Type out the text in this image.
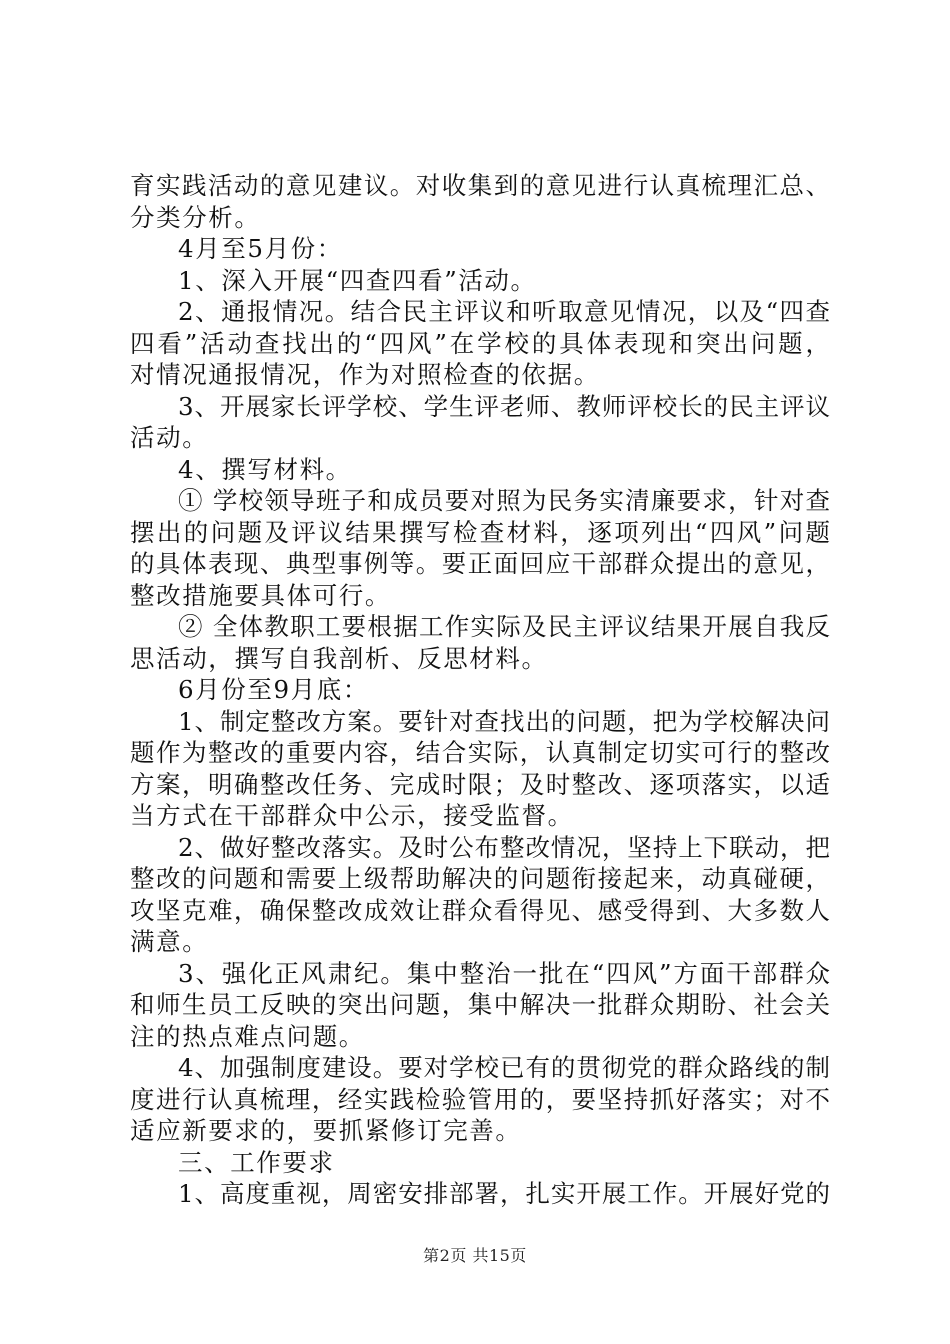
育实践活动的意见建议。对收集到的意见进行认真梳理汇总、
分类分析。
4月至5月份：
1、深入开展“四查四看”活动。
2、通报情况。结合民主评议和听取意见情况，以及“四查
四看”活动查找出的“四风”在学校的具体表现和突出问题，
对情况通报情况，作为对照检查的依据。
3、开展家长评学校、学生评老师、教师评校长的民主评议
活动。
4、撰写材料。
① 学校领导班子和成员要对照为民务实清廉要求，针对查
摆出的问题及评议结果撰写检查材料，逐项列出“四风”问题
的具体表现、典型事例等。要正面回应干部群众提出的意见，
整改措施要具体可行。
② 全体教职工要根据工作实际及民主评议结果开展自我反
思活动，撰写自我剖析、反思材料。
6月份至9月底：
1、制定整改方案。要针对查找出的问题，把为学校解决问
题作为整改的重要内容，结合实际，认真制定切实可行的整改
方案，明确整改任务、完成时限；及时整改、逐项落实，以适
当方式在干部群众中公示，接受监督。
2、做好整改落实。及时公布整改情况，坚持上下联动，把
整改的问题和需要上级帮助解决的问题衔接起来，动真碰硬，
攻坚克难，确保整改成效让群众看得见、感受得到、大多数人
满意。
3、强化正风肃纪。集中整治一批在“四风”方面干部群众
和师生员工反映的突出问题，集中解决一批群众期盼、社会关
注的热点难点问题。
4、加强制度建设。要对学校已有的贯彻党的群众路线的制
度进行认真梳理，经实践检验管用的，要坚持抓好落实；对不
适应新要求的，要抓紧修订完善。
三、工作要求
1、高度重视，周密安排部署，扎实开展工作。开展好党的
第2页 共15页
